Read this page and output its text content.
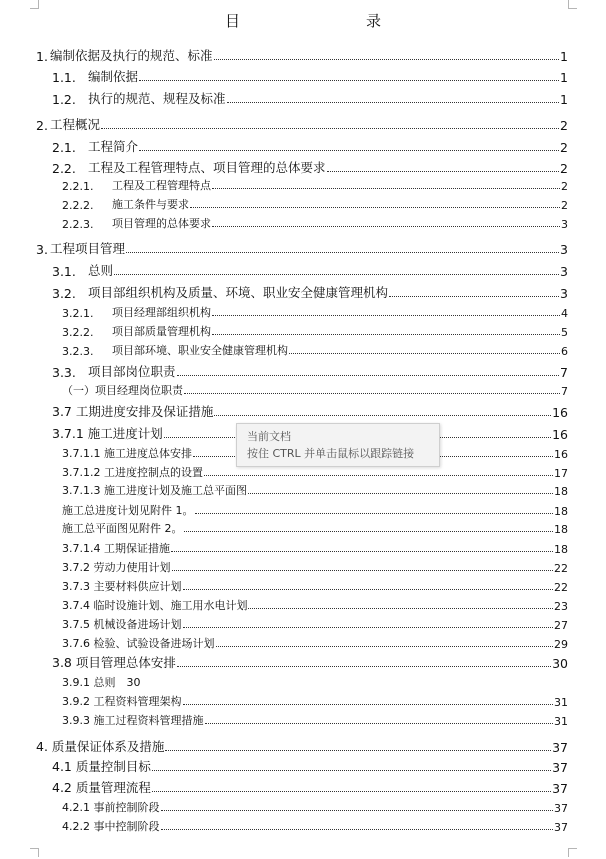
目　　录
1. 编制依据及执行的规范、标准	1
1.1. 编制依据	1
1.2. 执行的规范、规程及标准	1
2. 工程概况	2
2.1. 工程简介	2
2.2. 工程及工程管理特点、项目管理的总体要求	2
2.2.1.	工程及工程管理特点	2
2.2.2.	施工条件与要求	2
2.2.3.	项目管理的总体要求	3
3. 工程项目管理	3
3.1. 总则	3
3.2. 项目部组织机构及质量、环境、职业安全健康管理机构	3
3.2.1.	项目经理部组织机构	4
3.2.2.	项目部质量管理机构	5
3.2.3.	项目部环境、职业安全健康管理机构	6
3.3. 项目部岗位职责	7
（一）项目经理岗位职责	7
3.7 工期进度安排及保证措施	16
3.7.1 施工进度计划	16
3.7.1.1 施工进度总体安排	16
3.7.1.2 工进度控制点的设置	17
3.7.1.3 施工进度计划及施工总平面图	18
施工总进度计划见附件 1。	18
施工总平面图见附件 2。	18
3.7.1.4 工期保证措施	18
3.7.2 劳动力使用计划	22
3.7.3 主要材料供应计划	22
3.7.4 临时设施计划、施工用水电计划	23
3.7.5 机械设备进场计划	27
3.7.6 检验、试验设备进场计划	29
3.8 项目管理总体安排	30
3.9.1 总则　30
3.9.2 工程资料管理架构	31
3.9.3 施工过程资料管理措施	31
4. 质量保证体系及措施	37
4.1 质量控制目标	37
4.2 质量管理流程	37
4.2.1 事前控制阶段	37
4.2.2 事中控制阶段	37
当前文档
按住 CTRL 并单击鼠标以跟踪链接
